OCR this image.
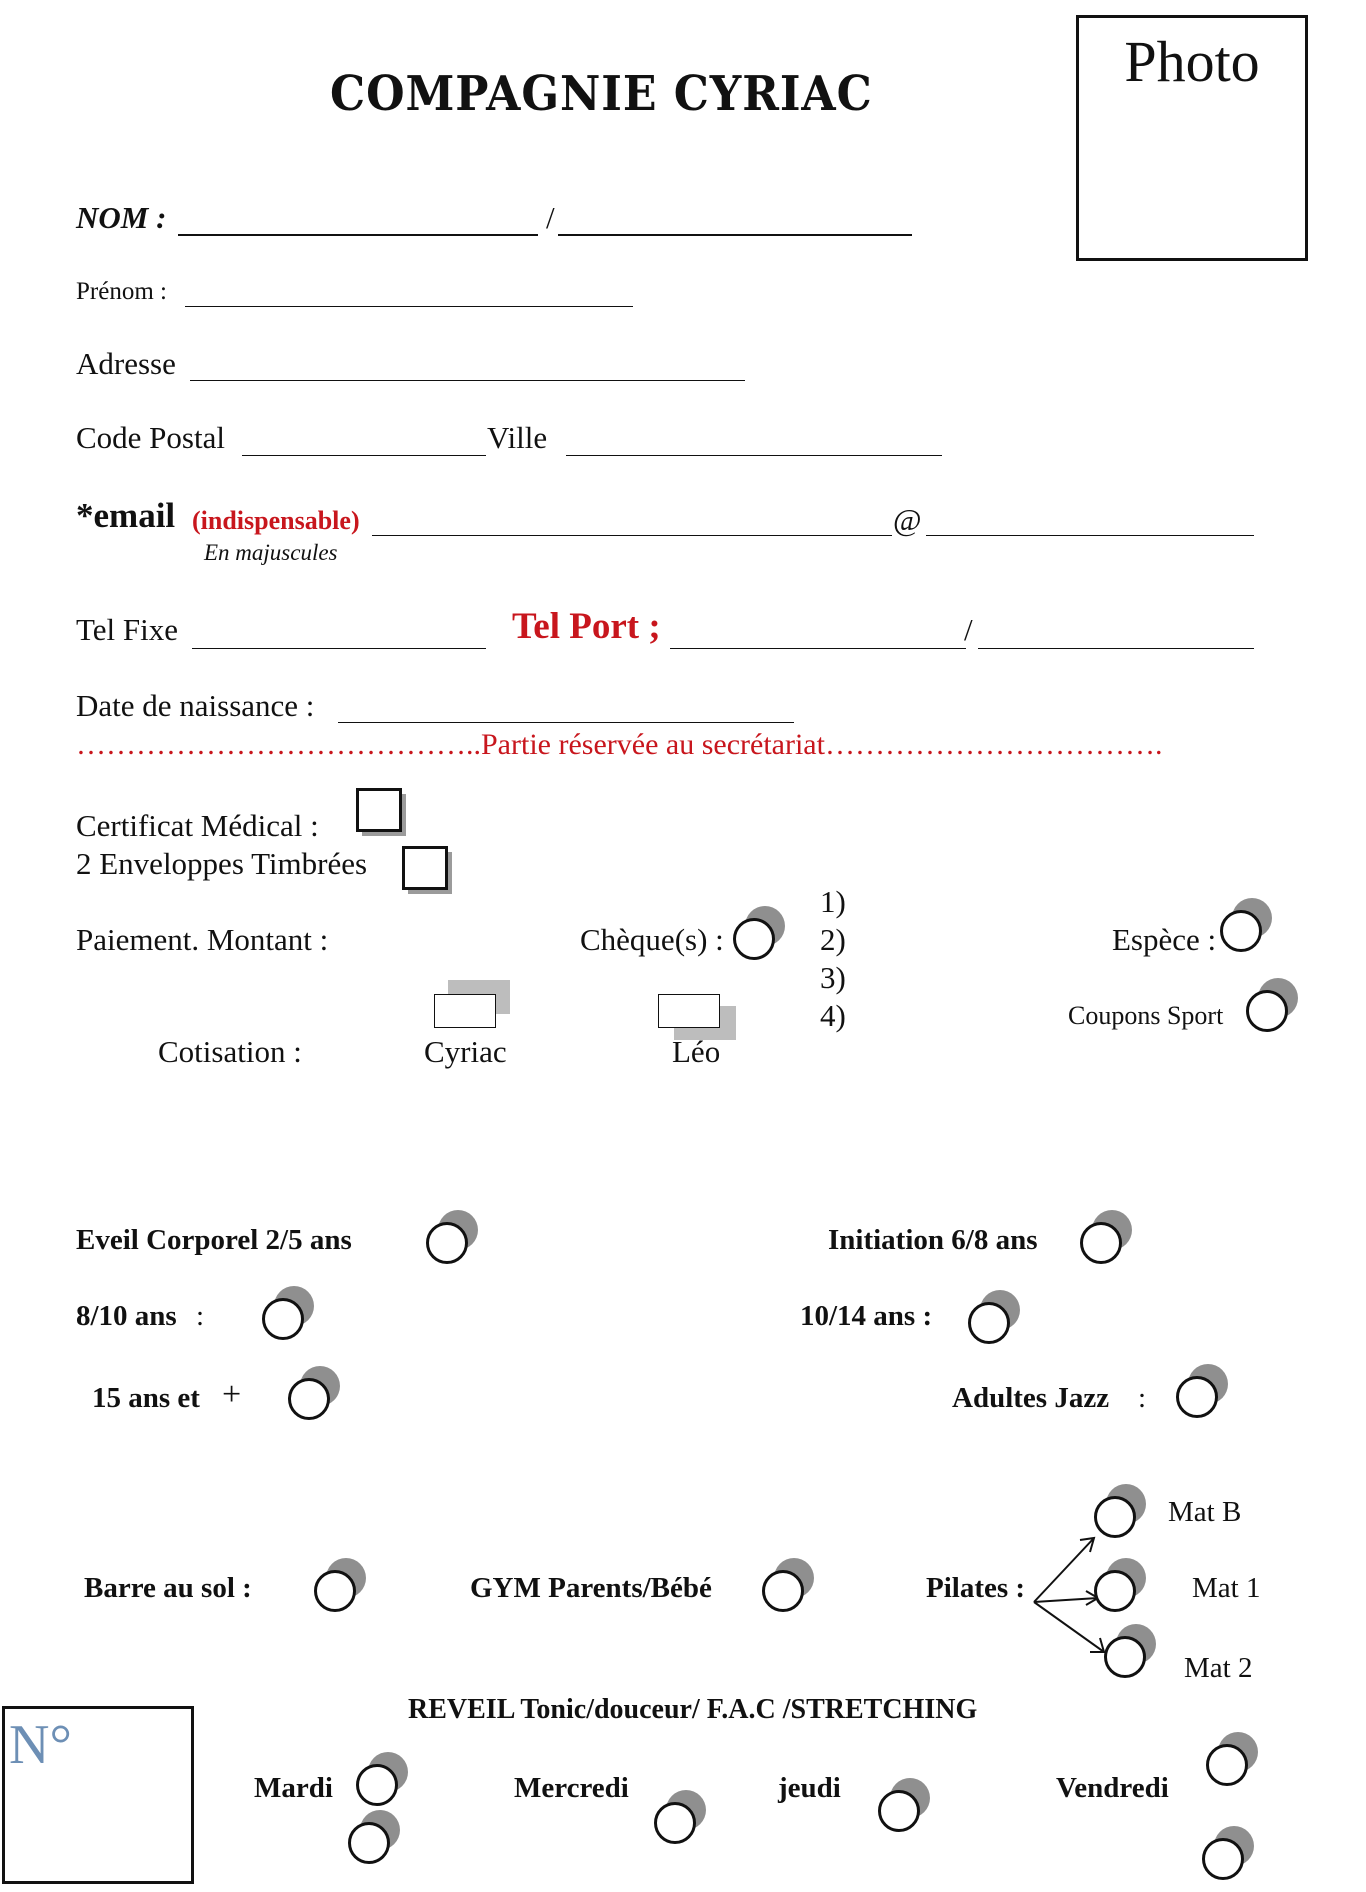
COMPAGNIE CYRIAC	Photo
NOM :	/
Prénom :
Adresse
Code Postal	Ville
*email (indispensable)	@
En majuscules
Tel Fixe	Tel Port ;	/
Date de naissance :
…………………………………..Partie réservée au secrétariat…………………………….
Certificat Médical :
2 Enveloppes Timbrées
Paiement. Montant :	Chèque(s) :
1)
2)
3)
4)
Espèce :
Coupons Sport
Cotisation :	Cyriac	Léo
Eveil Corporel 2/5 ans	Initiation 6/8 ans
8/10 ans :	10/14 ans :
15 ans et +	Adultes Jazz :
Barre au sol :	GYM Parents/Bébé	Pilates :
Mat B
Mat 1
Mat 2
REVEIL Tonic/douceur/ F.A.C /STRETCHING
Mardi	Mercredi	jeudi	Vendredi
N°
